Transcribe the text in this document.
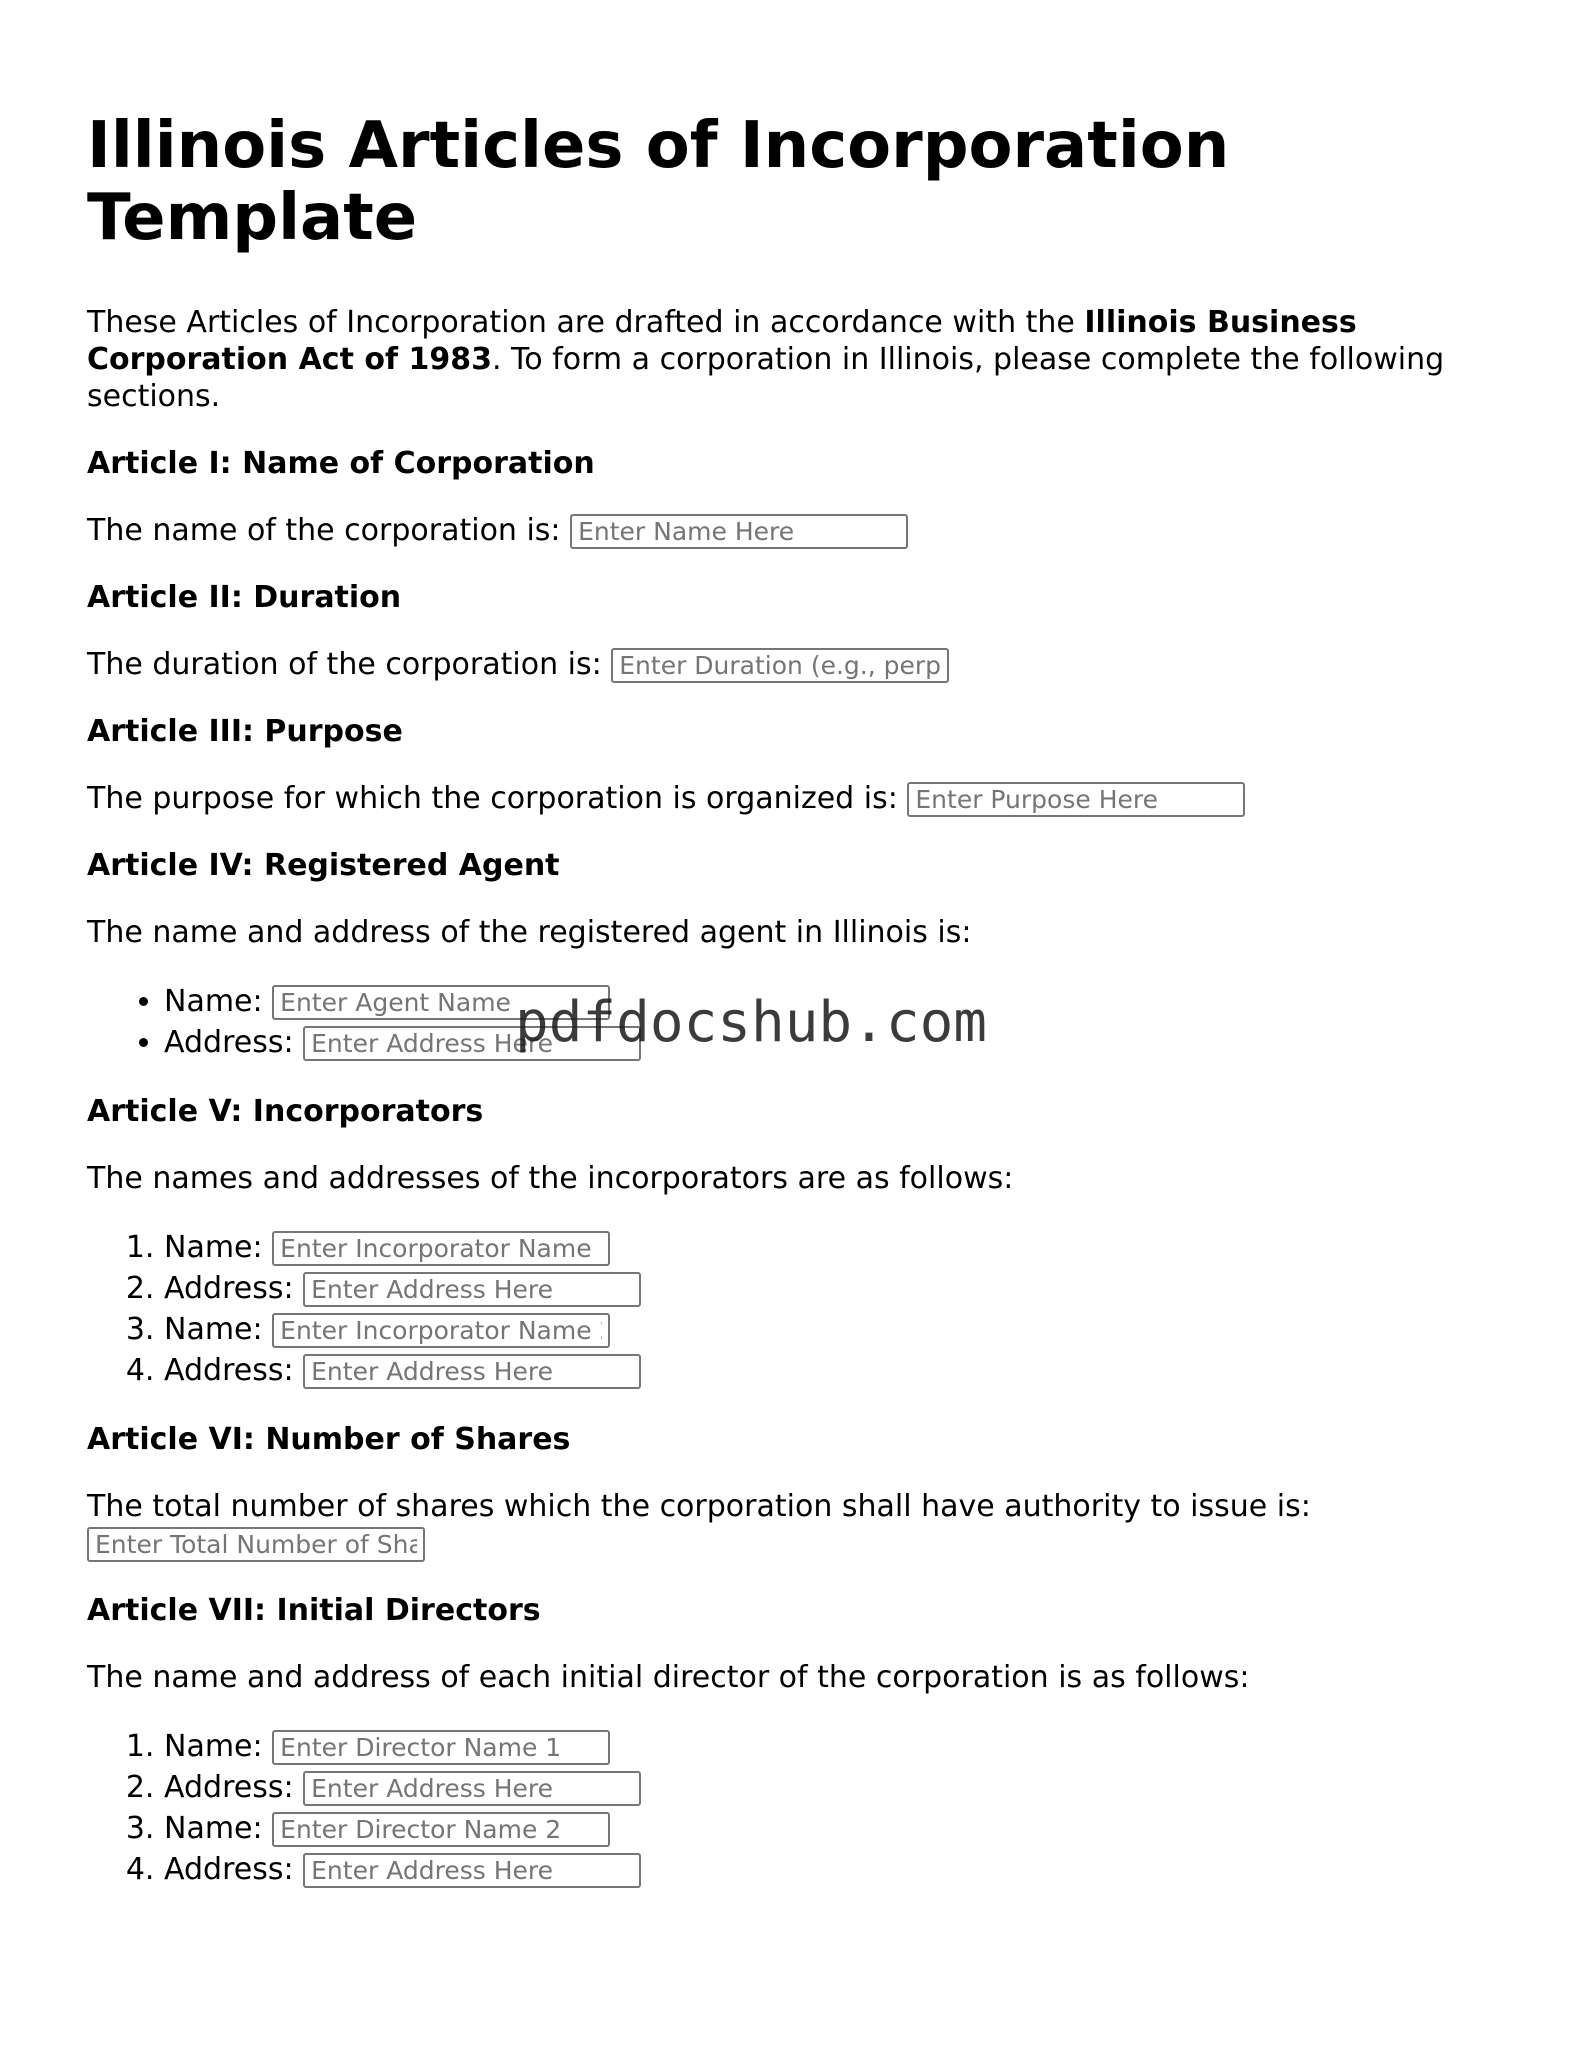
Illinois Articles of Incorporation Template

These Articles of Incorporation are drafted in accordance with the Illinois Business Corporation Act of 1983. To form a corporation in Illinois, please complete the following sections.

Article I: Name of Corporation

The name of the corporation is: Enter Name Here

Article II: Duration

The duration of the corporation is: Enter Duration (e.g., perpe

Article III: Purpose

The purpose for which the corporation is organized is: Enter Purpose Here

Article IV: Registered Agent

The name and address of the registered agent in Illinois is:

• Name: Enter Agent Name
• Address: Enter Address Here
Article V: Incorporators

The names and addresses of the incorporators are as follows:

1. Name: Enter Incorporator Name 1
2. Address: Enter Address Here
3. Name: Enter Incorporator Name 2
4. Address: Enter Address Here
Article VI: Number of Shares

The total number of shares which the corporation shall have authority to issue is:
Enter Total Number of Sha

Article VII: Initial Directors

The name and address of each initial director of the corporation is as follows:

1. Name: Enter Director Name 1
2. Address: Enter Address Here
3. Name: Enter Director Name 2
4. Address: Enter Address Here
pdfdocshub.com
